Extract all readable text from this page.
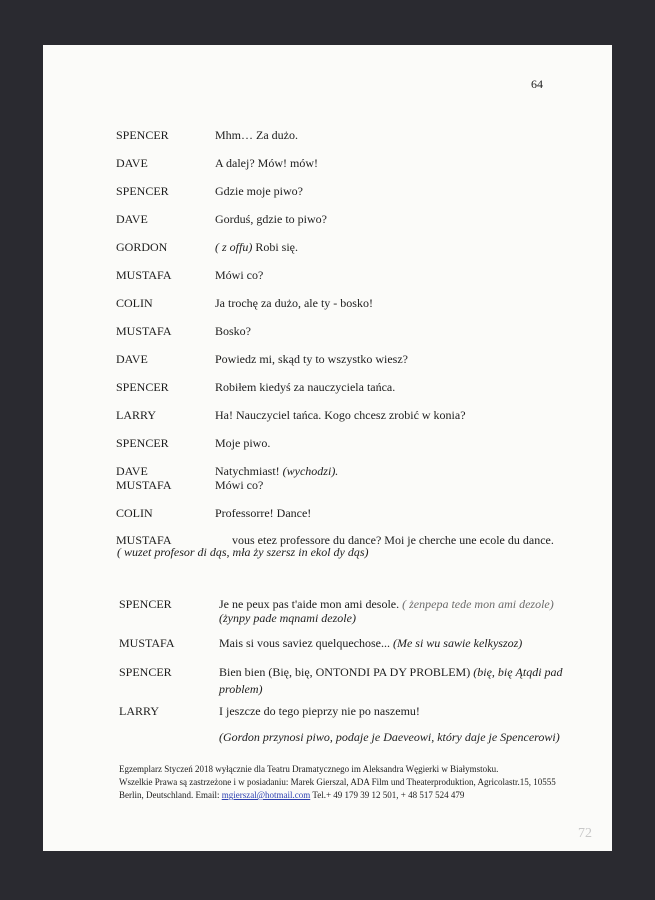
64
SPENCER	Mhm… Za dużo.
DAVE	A dalej? Mów! mów!
SPENCER	Gdzie moje piwo?
DAVE	Gorduś, gdzie to piwo?
GORDON	( z offu) Robi się.
MUSTAFA	Mówi co?
COLIN	Ja trochę za dużo, ale ty - bosko!
MUSTAFA	Bosko?
DAVE	Powiedz mi, skąd ty to wszystko wiesz?
SPENCER	Robiłem kiedyś za nauczyciela tańca.
LARRY	Ha! Nauczyciel tańca. Kogo chcesz zrobić w konia?
SPENCER	Moje piwo.
DAVE	Natychmiast! (wychodzi).
MUSTAFA	Mówi co?
COLIN	Professorre! Dance!
MUSTAFA	vous etez professore du dance? Moi je cherche une ecole du dance.
( wuzet profesor di dąs, mła ży szersz in ekol dy dąs)
SPENCER	Je ne peux pas t'aide mon ami desole. ( żenpepa tede mon ami dezole)
(żynpy pade mqnami dezole)
MUSTAFA	Mais si vous saviez quelquechose... (Me si wu sawie kelkyszoz)
SPENCER	Bien bien (Bię, bię, ONTONDI PA DY PROBLEM) (bię, bię Ątqdi pad
problem)
LARRY	I jeszcze do tego pieprzy nie po naszemu!
(Gordon przynosi piwo, podaje je Daeveowi, który daje je Spencerowi)
Egzemplarz Styczeń 2018 wyłącznie dla Teatru Dramatycznego im Aleksandra Węgierki w Białymstoku.
Wszelkie Prawa są zastrzeżone i w posiadaniu: Marek Gierszal, ADA Film und Theaterproduktion, Agricolastr.15, 10555
Berlin, Deutschland. Email: mgierszal@hotmail.com Tel.+ 49 179 39 12 501, + 48 517 524 479
72
